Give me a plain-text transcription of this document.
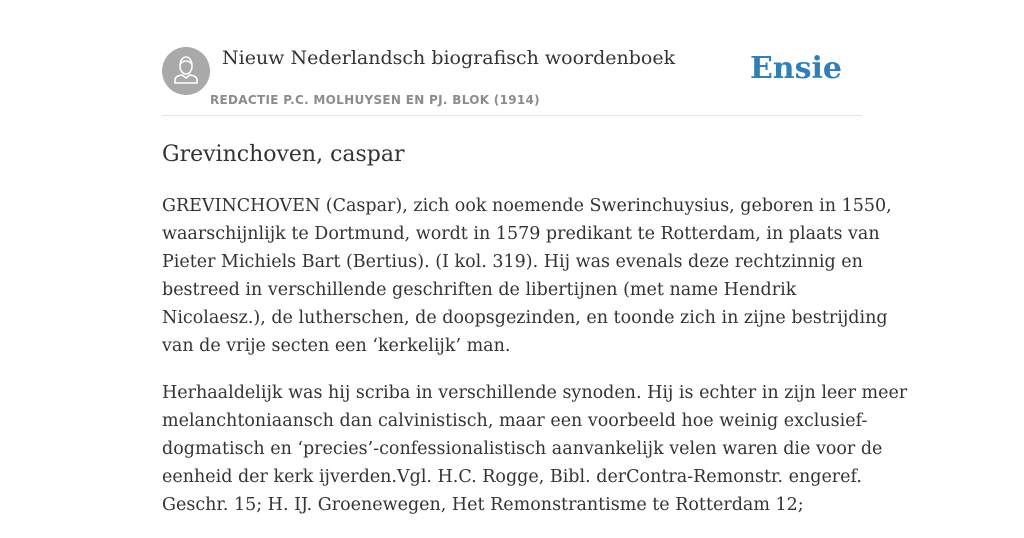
Nieuw Nederlandsch biografisch woordenboek
REDACTIE P.C. MOLHUYSEN EN PJ. BLOK (1914)
Ensie
Grevinchoven, caspar

GREVINCHOVEN (Caspar), zich ook noemende Swerinchuysius, geboren in 1550,
waarschijnlijk te Dortmund, wordt in 1579 predikant te Rotterdam, in plaats van
Pieter Michiels Bart (Bertius). (I kol. 319). Hij was evenals deze rechtzinnig en
bestreed in verschillende geschriften de libertijnen (met name Hendrik
Nicolaesz.), de lutherschen, de doopsgezinden, en toonde zich in zijne bestrijding
van de vrije secten een ‘kerkelijk’ man.

Herhaaldelijk was hij scriba in verschillende synoden. Hij is echter in zijn leer meer
melanchtoniaansch dan calvinistisch, maar een voorbeeld hoe weinig exclusief-
dogmatisch en ‘precies’-confessionalistisch aanvankelijk velen waren die voor de
eenheid der kerk ijverden.Vgl. H.C. Rogge, Bibl. derContra-Remonstr. engeref.
Geschr. 15; H. IJ. Groenewegen, Het Remonstrantisme te Rotterdam 12;
